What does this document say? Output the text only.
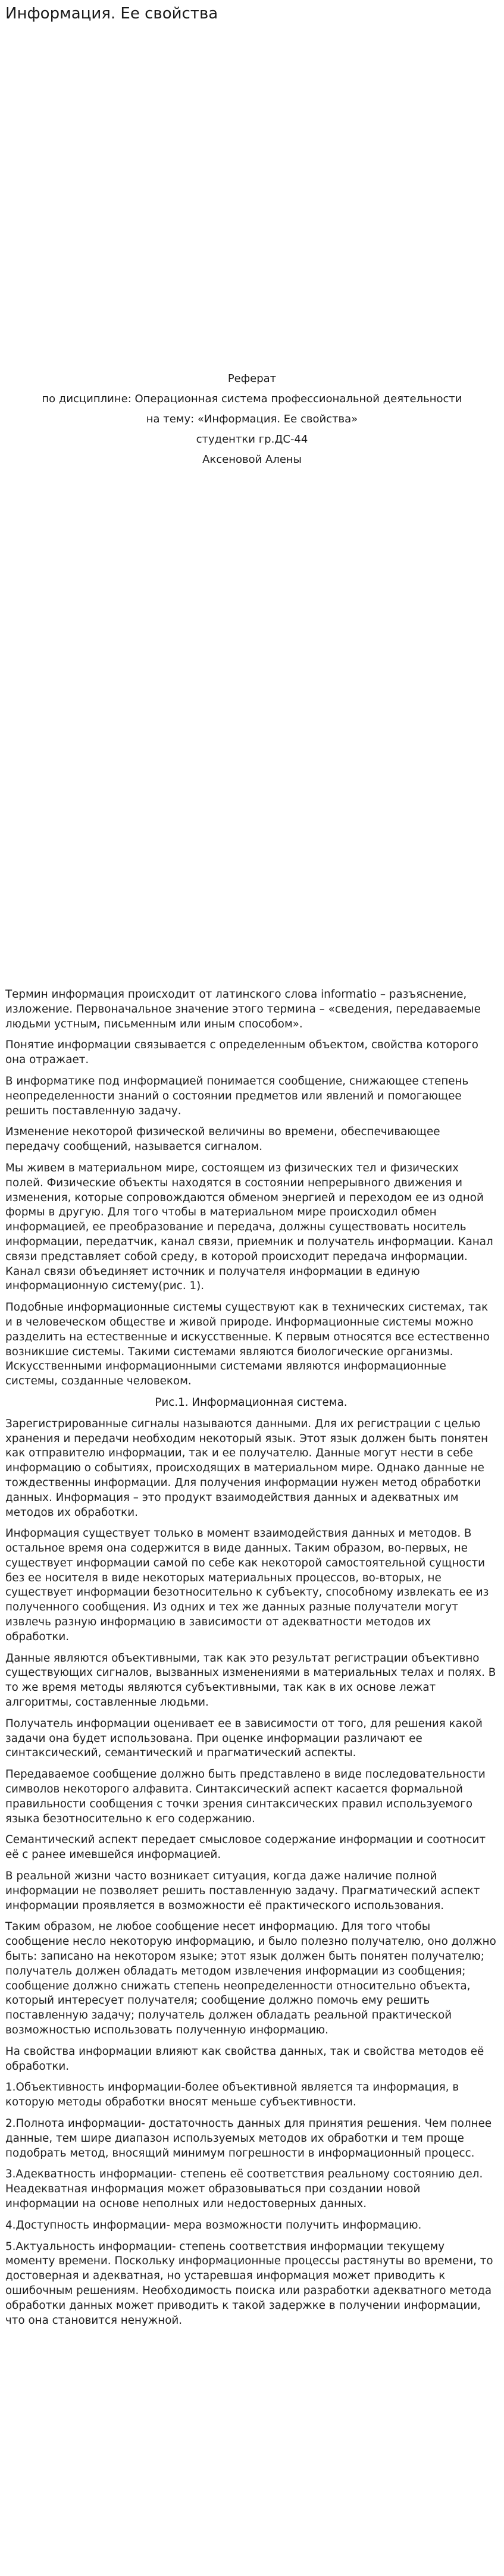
Информация. Ее свойства

Реферат

по дисциплине: Операционная система профессиональной деятельности

на тему: «Информация. Ее свойства»

студентки гр.ДС-44

Аксеновой Алены

Термин информация происходит от латинского слова informatio – разъяснение, изложение. Первоначальное значение этого термина – «сведения, передаваемые людьми устным, письменным или иным способом».

Понятие информации связывается с определенным объектом, свойства которого она отражает.

В информатике под информацией понимается сообщение, снижающее степень неопределенности знаний о состоянии предметов или явлений и помогающее решить поставленную задачу.

Изменение некоторой физической величины во времени, обеспечивающее передачу сообщений, называется сигналом.

Мы живем в материальном мире, состоящем из физических тел и физических полей. Физические объекты находятся в состоянии непрерывного движения и изменения, которые сопровождаются обменом энергией и переходом ее из одной формы в другую. Для того чтобы в материальном мире происходил обмен информацией, ее преобразование и передача, должны существовать носитель информации, передатчик, канал связи, приемник и получатель информации. Канал связи представляет собой среду, в которой происходит передача информации. Канал связи объединяет источник и получателя информации в единую информационную систему(рис. 1).

Подобные информационные системы существуют как в технических системах, так и в человеческом обществе и живой природе. Информационные системы можно разделить на естественные и искусственные. К первым относятся все естественно возникшие системы. Такими системами являются биологические организмы. Искусственными информационными системами являются информационные системы, созданные человеком.

Рис.1. Информационная система.

Зарегистрированные сигналы называются данными. Для их регистрации с целью хранения и передачи необходим некоторый язык. Этот язык должен быть понятен как отправителю информации, так и ее получателю. Данные могут нести в себе информацию о событиях, происходящих в материальном мире. Однако данные не тождественны информации. Для получения информации нужен метод обработки данных. Информация – это продукт взаимодействия данных и адекватных им методов их обработки.

Информация существует только в момент взаимодействия данных и методов. В остальное время она содержится в виде данных. Таким образом, во-первых, не существует информации самой по себе как некоторой самостоятельной сущности без ее носителя в виде некоторых материальных процессов, во-вторых, не существует информации безотносительно к субъекту, способному извлекать ее из полученного сообщения. Из одних и тех же данных разные получатели могут извлечь разную информацию в зависимости от адекватности методов их обработки.

Данные являются объективными, так как это результат регистрации объективно существующих сигналов, вызванных изменениями в материальных телах и полях. В то же время методы являются субъективными, так как в их основе лежат алгоритмы, составленные людьми.

Получатель информации оценивает ее в зависимости от того, для решения какой задачи она будет использована. При оценке информации различают ее синтаксический, семантический и прагматический аспекты.

Передаваемое сообщение должно быть представлено в виде последовательности символов некоторого алфавита. Синтаксический аспект касается формальной правильности сообщения с точки зрения синтаксических правил используемого языка безотносительно к его содержанию.

Семантический аспект передает смысловое содержание информации и соотносит её с ранее имевшейся информацией.

В реальной жизни часто возникает ситуация, когда даже наличие полной информации не позволяет решить поставленную задачу. Прагматический аспект информации проявляется в возможности её практического использования.

Таким образом, не любое сообщение несет информацию. Для того чтобы сообщение несло некоторую информацию, и было полезно получателю, оно должно быть: записано на некотором языке; этот язык должен быть понятен получателю; получатель должен обладать методом извлечения информации из сообщения; сообщение должно снижать степень неопределенности относительно объекта, который интересует получателя; сообщение должно помочь ему решить поставленную задачу; получатель должен обладать реальной практической возможностью использовать полученную информацию.

На свойства информации влияют как свойства данных, так и свойства методов её обработки.

1.Объективность информации-более объективной является та информация, в которую методы обработки вносят меньше субъективности.

2.Полнота информации- достаточность данных для принятия решения. Чем полнее данные, тем шире диапазон используемых методов их обработки и тем проще подобрать метод, вносящий минимум погрешности в информационный процесс.

3.Адекватность информации- степень её соответствия реальному состоянию дел. Неадекватная информация может образовываться при создании новой информации на основе неполных или недостоверных данных.

4.Доступность информации- мера возможности получить информацию.

5.Актуальность информации- степень соответствия информации текущему моменту времени. Поскольку информационные процессы растянуты во времени, то достоверная и адекватная, но устаревшая информация может приводить к ошибочным решениям. Необходимость поиска или разработки адекватного метода обработки данных может приводить к такой задержке в получении информации, что она становится ненужной.
